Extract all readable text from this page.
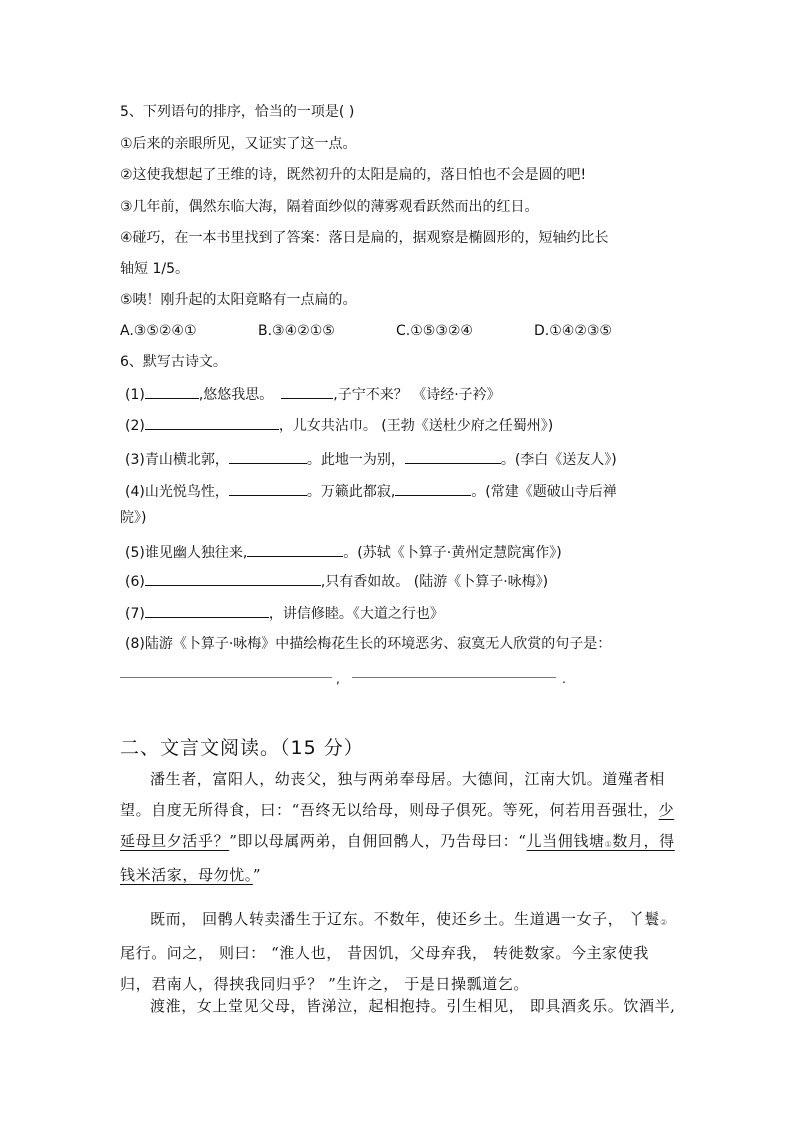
5、下列语句的排序，恰当的一项是( )
①后来的亲眼所见，又证实了这一点。
②这使我想起了王维的诗，既然初升的太阳是扁的，落日怕也不会是圆的吧!
③几年前，偶然东临大海，隔着面纱似的薄雾观看跃然而出的红日。
④碰巧，在一本书里找到了答案：落日是扁的，据观察是椭圆形的，短轴约比长
轴短 1/5。
⑤咦！刚升起的太阳竟略有一点扁的。
A.③⑤②④①	B.③④②①⑤	C.①⑤③②④	D.①④②③⑤
6、默写古诗文。
(1)	,悠悠我思。	,子宁不来？ 《诗经·子衿》
(2)	，儿女共沾巾。 (王勃《送杜少府之任蜀州》)
(3)青山横北郭，	。此地一为别，	。(李白《送友人》)
(4)山光悦鸟性，	。万籁此都寂,	。(常建《题破山寺后禅
院》)
(5)谁见幽人独往来,	。(苏轼《卜算子·黄州定慧院寓作》)
(6)	,只有香如故。 (陆游《卜算子·咏梅》)
(7)	，讲信修睦。《大道之行也》
(8)陆游《卜算子·咏梅》中描绘梅花生长的环境恶劣、寂寞无人欣赏的句子是：
,	.
二、文言文阅读。（15 分）
潘生者，富阳人，幼丧父，独与两弟奉母居。大德间，江南大饥。道殣者相望。自度无所得食，曰：“吾终无以给母，则母子俱死。等死，何若用吾强壮，少延母旦夕活乎？”即以母属两弟，自佣回鹘人，乃告母曰：“儿当佣钱塘①数月，得钱米活家，母勿忧。”
既而， 回鹘人转卖潘生于辽东。不数年，使还乡土。生道遇一女子， 丫鬟②尾行。问之， 则曰： “淮人也， 昔因饥，父母弃我， 转徙数家。今主家使我归，君南人，得挟我同归乎？ ”生许之， 于是日操瓢道乞。
渡淮，女上堂见父母，皆涕泣，起相抱持。引生相见， 即具酒炙乐。饮酒半,
